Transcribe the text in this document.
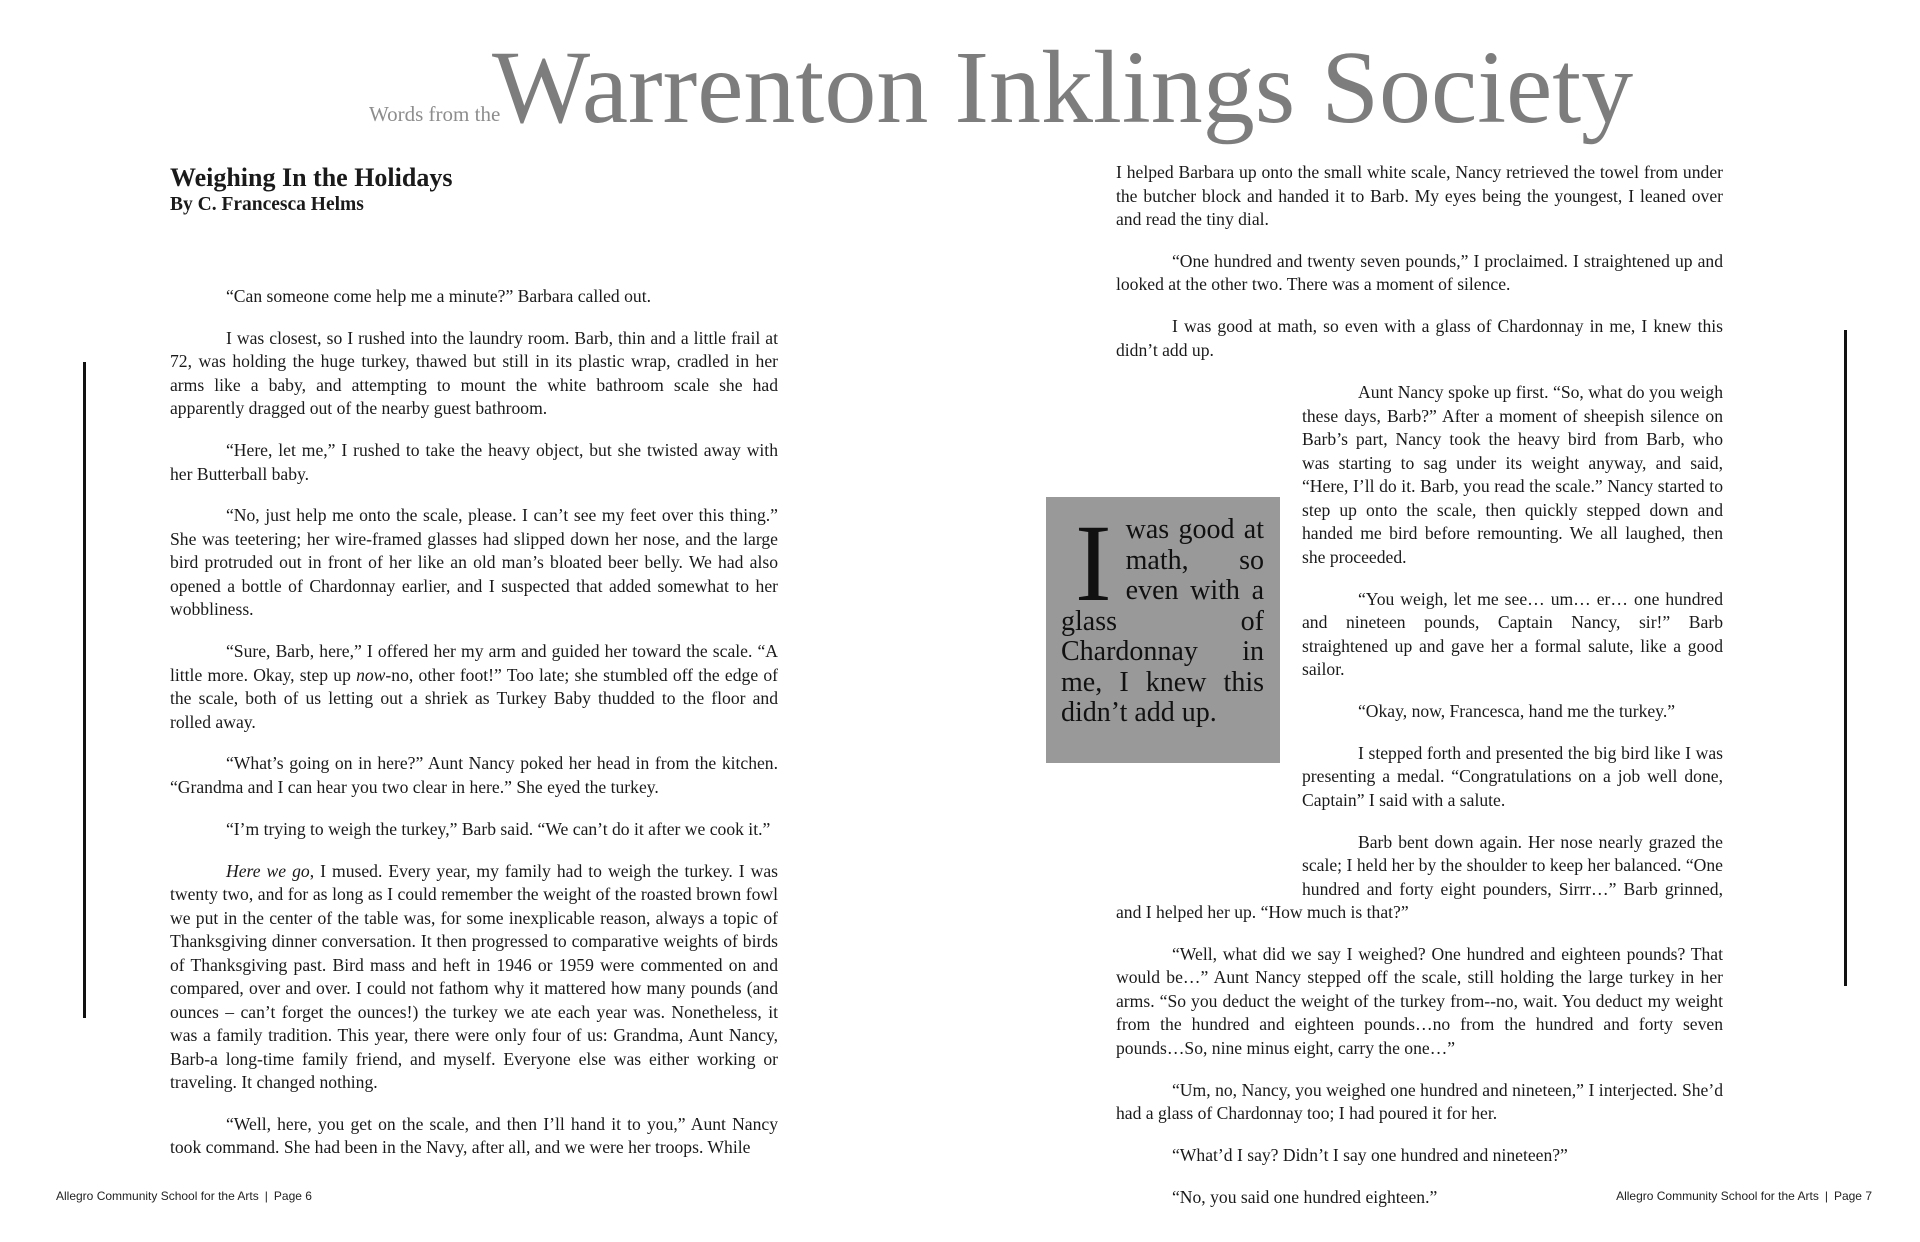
Words from the
Warrenton Inklings Society
Weighing In the Holidays
By C. Francesca Helms

“Can someone come help me a minute?” Barbara called out.

I was closest, so I rushed into the laundry room. Barb, thin and a little frail at 72, was holding the huge turkey, thawed but still in its plastic wrap, cradled in her arms like a baby, and attempting to mount the white bathroom scale she had apparently dragged out of the nearby guest bathroom.

“Here, let me,” I rushed to take the heavy object, but she twisted away with her Butterball baby.

“No, just help me onto the scale, please. I can’t see my feet over this thing.” She was teetering; her wire-framed glasses had slipped down her nose, and the large bird protruded out in front of her like an old man’s bloated beer belly. We had also opened a bottle of Chardonnay earlier, and I suspected that added somewhat to her wobbliness.

“Sure, Barb, here,” I offered her my arm and guided her toward the scale. “A little more. Okay, step up now-no, other foot!” Too late; she stumbled off the edge of the scale, both of us letting out a shriek as Turkey Baby thudded to the floor and rolled away.

“What’s going on in here?” Aunt Nancy poked her head in from the kitchen. “Grandma and I can hear you two clear in here.” She eyed the turkey.

“I’m trying to weigh the turkey,” Barb said. “We can’t do it after we cook it.”

Here we go, I mused. Every year, my family had to weigh the turkey. I was twenty two, and for as long as I could remember the weight of the roasted brown fowl we put in the center of the table was, for some inexplicable reason, always a topic of Thanksgiving dinner conversation. It then progressed to comparative weights of birds of Thanksgiving past. Bird mass and heft in 1946 or 1959 were commented on and compared, over and over. I could not fathom why it mattered how many pounds (and ounces – can’t forget the ounces!) the turkey we ate each year was. Nonetheless, it was a family tradition. This year, there were only four of us: Grandma, Aunt Nancy, Barb-a long-time family friend, and myself. Everyone else was either working or traveling. It changed nothing.

“Well, here, you get on the scale, and then I’ll hand it to you,” Aunt Nancy took command. She had been in the Navy, after all, and we were her troops. While

I helped Barbara up onto the small white scale, Nancy retrieved the towel from under the butcher block and handed it to Barb. My eyes being the youngest, I leaned over and read the tiny dial.

“One hundred and twenty seven pounds,” I proclaimed. I straightened up and looked at the other two. There was a moment of silence.

I was good at math, so even with a glass of Chardonnay in me, I knew this didn’t add up.

Aunt Nancy spoke up first. “So, what do you weigh these days, Barb?” After a moment of sheepish silence on Barb’s part, Nancy took the heavy bird from Barb, who was starting to sag under its weight anyway, and said, “Here, I’ll do it. Barb, you read the scale.” Nancy started to step up onto the scale, then quickly stepped down and handed me bird before remounting. We all laughed, then she proceeded.

“You weigh, let me see… um… er… one hundred and nineteen pounds, Captain Nancy, sir!” Barb straightened up and gave her a formal salute, like a good sailor.

“Okay, now, Francesca, hand me the turkey.”

I stepped forth and presented the big bird like I was presenting a medal. “Congratulations on a job well done, Captain” I said with a salute.

Barb bent down again. Her nose nearly grazed the scale; I held her by the shoulder to keep her balanced. “One hundred and forty eight pounders, Sirrr…” Barb grinned, and I helped her up. “How much is that?”

“Well, what did we say I weighed? One hundred and eighteen pounds? That would be…” Aunt Nancy stepped off the scale, still holding the large turkey in her arms. “So you deduct the weight of the turkey from--no, wait. You deduct my weight from the hundred and eighteen pounds…no from the hundred and forty seven pounds…So, nine minus eight, carry the one…”

“Um, no, Nancy, you weighed one hundred and nineteen,” I interjected. She’d had a glass of Chardonnay too; I had poured it for her.

“What’d I say? Didn’t I say one hundred and nineteen?”

“No, you said one hundred eighteen.”

I was good at math, so even with a glass of Chardonnay in me, I knew this didn’t add up.
Allegro Community School for the Arts | Page 6	Allegro Community School for the Arts | Page 7
